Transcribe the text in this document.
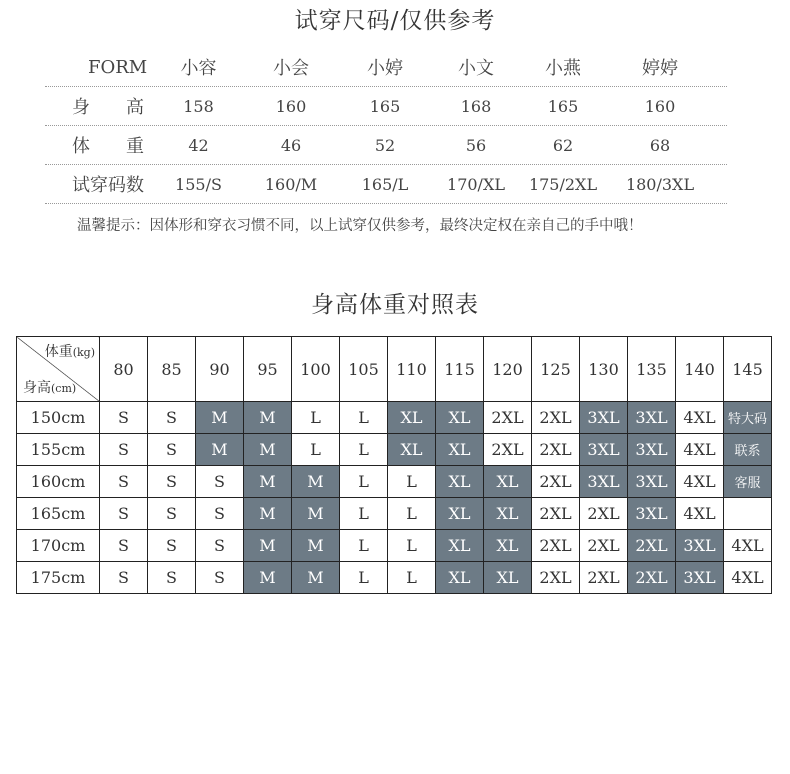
试穿尺码/仅供参考
FORM	小容	小会	小婷	小文	小燕	婷婷
身 高	158	160	165	168	165	160
体 重	42	46	52	56	62	68
试穿码数	155/S	160/M	165/L	170/XL	175/2XL	180/3XL
温馨提示：因体形和穿衣习惯不同，以上试穿仅供参考，最终决定权在亲自己的手中哦！
身高体重对照表
体重(kg)
身高(cm)	80	85	90	95	100	105	110	115	120	125	130	135	140	145
150cm	S	S	M	M	L	L	XL	XL	2XL	2XL	3XL	3XL	4XL	特大码
155cm	S	S	M	M	L	L	XL	XL	2XL	2XL	3XL	3XL	4XL	联系
160cm	S	S	S	M	M	L	L	XL	XL	2XL	3XL	3XL	4XL	客服
165cm	S	S	S	M	M	L	L	XL	XL	2XL	2XL	3XL	4XL	
170cm	S	S	S	M	M	L	L	XL	XL	2XL	2XL	2XL	3XL	4XL
175cm	S	S	S	M	M	L	L	XL	XL	2XL	2XL	2XL	3XL	4XL
